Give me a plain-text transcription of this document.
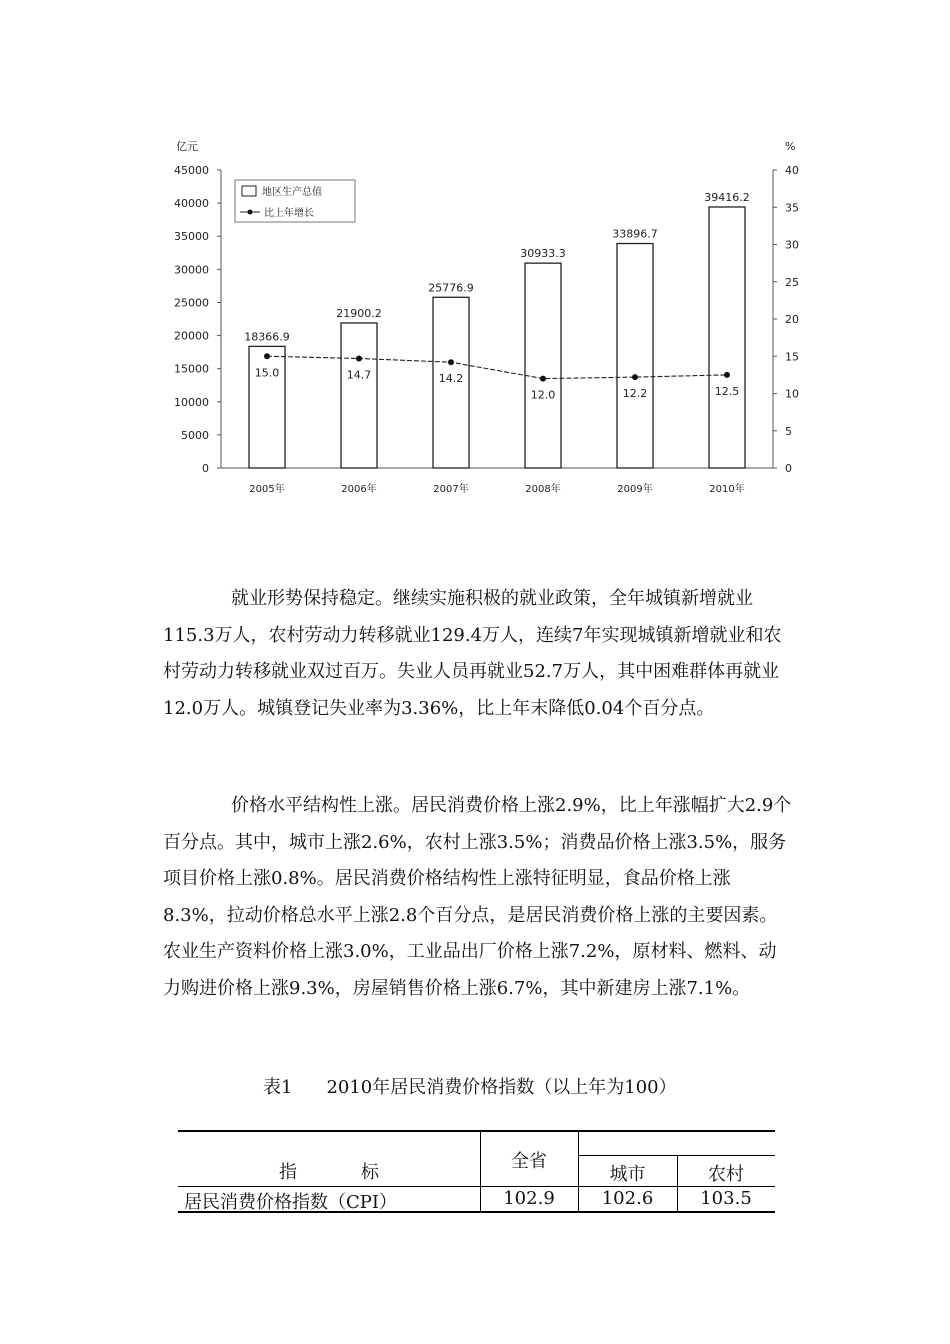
0
5000
10000
15000
20000
25000
30000
35000
40000
45000
0
5
10
15
20
25
30
35
40
亿元	%
18366.9
21900.2
25776.9
30933.3
33896.7
39416.2
2005年	2006年	2007年	2008年	2009年	2010年
15.0	14.7	14.2
12.0	12.2	12.5
地区生产总值
比上年增长

就业形势保持稳定。继续实施积极的就业政策，全年城镇新增就业115.3万人，农村劳动力转移就业129.4万人，连续7年实现城镇新增就业和农村劳动力转移就业双过百万。失业人员再就业52.7万人，其中困难群体再就业12.0万人。城镇登记失业率为3.36%，比上年末降低0.04个百分点。

价格水平结构性上涨。居民消费价格上涨2.9%，比上年涨幅扩大2.9个百分点。其中，城市上涨2.6%，农村上涨3.5%；消费品价格上涨3.5%，服务项目价格上涨0.8%。居民消费价格结构性上涨特征明显，食品价格上涨8.3%，拉动价格总水平上涨2.8个百分点，是居民消费价格上涨的主要因素。农业生产资料价格上涨3.0%，工业品出厂价格上涨7.2%，原材料、燃料、动力购进价格上涨9.3%，房屋销售价格上涨6.7%，其中新建房上涨7.1%。

表1 2010年居民消费价格指数（以上年为100）
指	标
全省
城市	农村
居民消费价格指数（CPI）	102.9	102.6	103.5
